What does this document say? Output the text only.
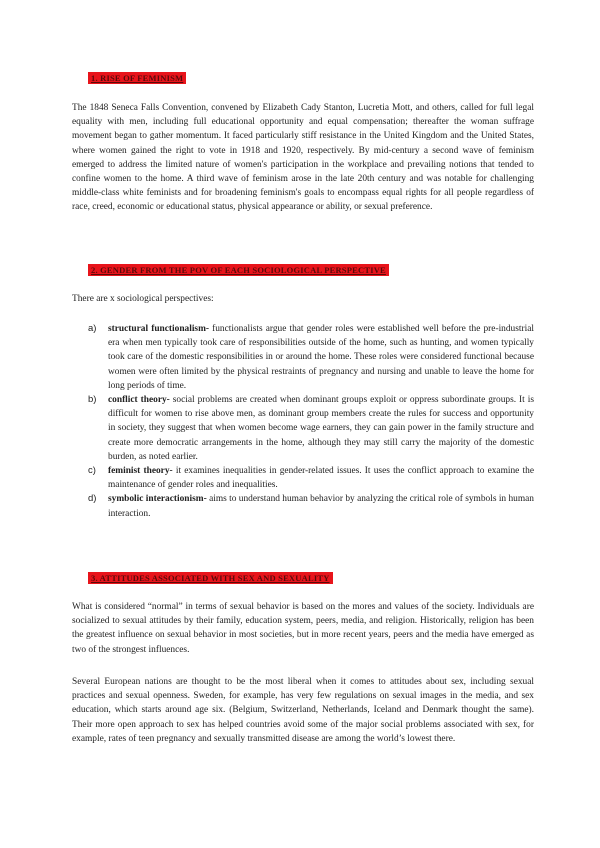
1. RISE OF FEMINISM

The 1848 Seneca Falls Convention, convened by Elizabeth Cady Stanton, Lucretia Mott, and others, called for full legal equality with men, including full educational opportunity and equal compensation; thereafter the woman suffrage movement began to gather momentum. It faced particularly stiff resistance in the United Kingdom and the United States, where women gained the right to vote in 1918 and 1920, respectively. By mid-century a second wave of feminism emerged to address the limited nature of women's participation in the workplace and prevailing notions that tended to confine women to the home. A third wave of feminism arose in the late 20th century and was notable for challenging middle-class white feminists and for broadening feminism's goals to encompass equal rights for all people regardless of race, creed, economic or educational status, physical appearance or ability, or sexual preference.

2. GENDER FROM THE POV OF EACH SOCIOLOGICAL PERSPECTIVE

There are x sociological perspectives:

a) structural functionalism- functionalists argue that gender roles were established well before the pre-industrial era when men typically took care of responsibilities outside of the home, such as hunting, and women typically took care of the domestic responsibilities in or around the home. These roles were considered functional because women were often limited by the physical restraints of pregnancy and nursing and unable to leave the home for long periods of time.
b) conflict theory- social problems are created when dominant groups exploit or oppress subordinate groups. It is difficult for women to rise above men, as dominant group members create the rules for success and opportunity in society, they suggest that when women become wage earners, they can gain power in the family structure and create more democratic arrangements in the home, although they may still carry the majority of the domestic burden, as noted earlier.
c) feminist theory- it examines inequalities in gender-related issues. It uses the conflict approach to examine the maintenance of gender roles and inequalities.
d) symbolic interactionism- aims to understand human behavior by analyzing the critical role of symbols in human interaction.
3. ATTITUDES ASSOCIATED WITH SEX AND SEXUALITY

What is considered “normal” in terms of sexual behavior is based on the mores and values of the society. Individuals are socialized to sexual attitudes by their family, education system, peers, media, and religion. Historically, religion has been the greatest influence on sexual behavior in most societies, but in more recent years, peers and the media have emerged as two of the strongest influences.

Several European nations are thought to be the most liberal when it comes to attitudes about sex, including sexual practices and sexual openness. Sweden, for example, has very few regulations on sexual images in the media, and sex education, which starts around age six. (Belgium, Switzerland, Netherlands, Iceland and Denmark thought the same). Their more open approach to sex has helped countries avoid some of the major social problems associated with sex, for example, rates of teen pregnancy and sexually transmitted disease are among the world’s lowest there.
